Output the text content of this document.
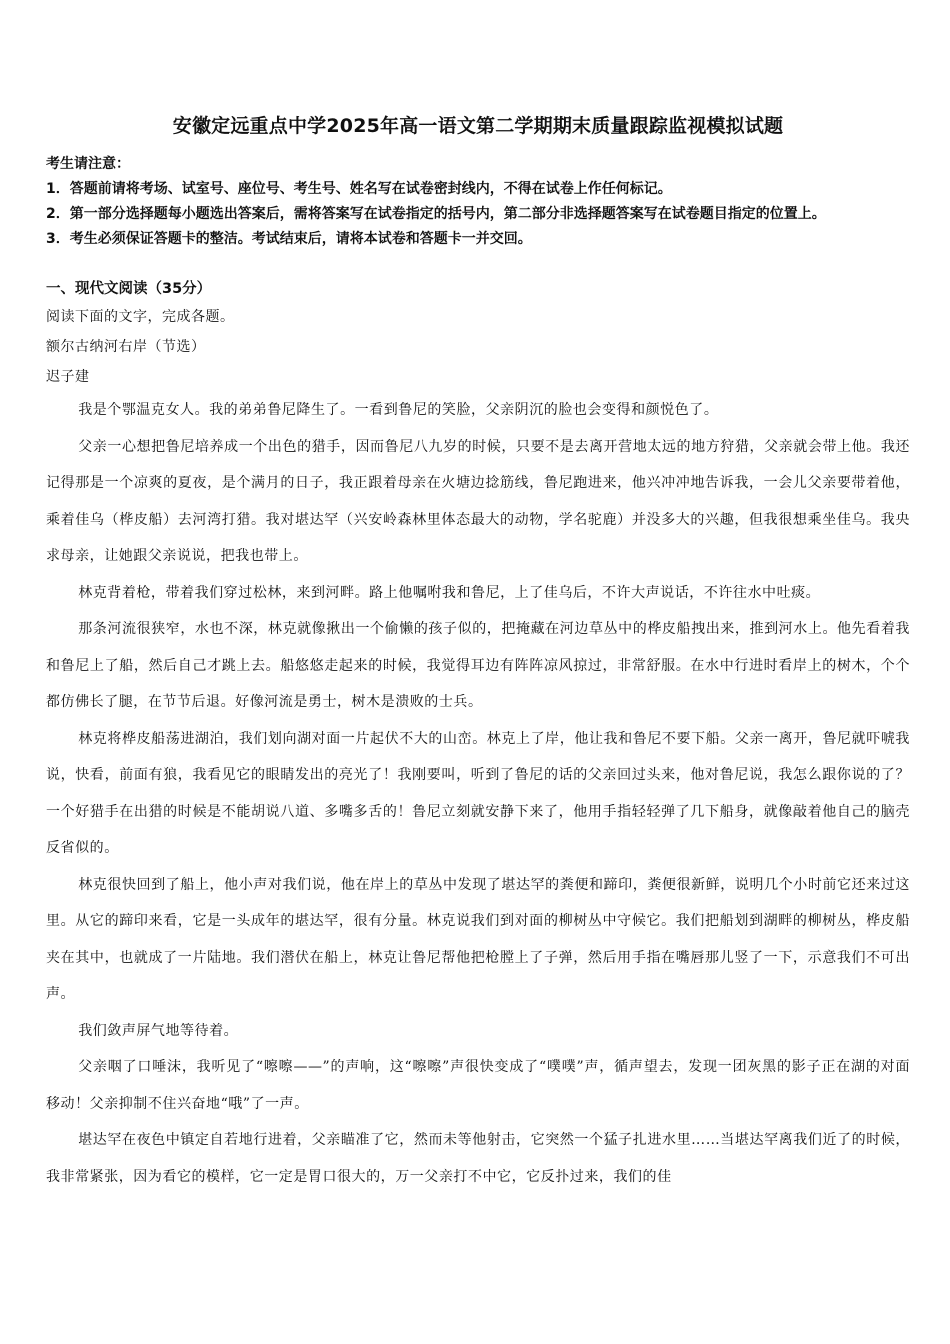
安徽定远重点中学2025年高一语文第二学期期末质量跟踪监视模拟试题

考生请注意：

1．答题前请将考场、试室号、座位号、考生号、姓名写在试卷密封线内，不得在试卷上作任何标记。

2．第一部分选择题每小题选出答案后，需将答案写在试卷指定的括号内，第二部分非选择题答案写在试卷题目指定的位置上。

3．考生必须保证答题卡的整洁。考试结束后，请将本试卷和答题卡一并交回。

一、现代文阅读（35分）

阅读下面的文字，完成各题。

额尔古纳河右岸（节选）

迟子建

我是个鄂温克女人。我的弟弟鲁尼降生了。一看到鲁尼的笑脸，父亲阴沉的脸也会变得和颜悦色了。

父亲一心想把鲁尼培养成一个出色的猎手，因而鲁尼八九岁的时候，只要不是去离开营地太远的地方狩猎，父亲就会带上他。我还记得那是一个凉爽的夏夜，是个满月的日子，我正跟着母亲在火塘边捻筋线，鲁尼跑进来，他兴冲冲地告诉我，一会儿父亲要带着他，乘着佳乌（桦皮船）去河湾打猎。我对堪达罕（兴安岭森林里体态最大的动物，学名驼鹿）并没多大的兴趣，但我很想乘坐佳乌。我央求母亲，让她跟父亲说说，把我也带上。

林克背着枪，带着我们穿过松林，来到河畔。路上他嘱咐我和鲁尼，上了佳乌后，不许大声说话，不许往水中吐痰。

那条河流很狭窄，水也不深，林克就像揪出一个偷懒的孩子似的，把掩藏在河边草丛中的桦皮船拽出来，推到河水上。他先看着我和鲁尼上了船，然后自己才跳上去。船悠悠走起来的时候，我觉得耳边有阵阵凉风掠过，非常舒服。在水中行进时看岸上的树木，个个都仿佛长了腿，在节节后退。好像河流是勇士，树木是溃败的士兵。

林克将桦皮船荡进湖泊，我们划向湖对面一片起伏不大的山峦。林克上了岸，他让我和鲁尼不要下船。父亲一离开，鲁尼就吓唬我说，快看，前面有狼，我看见它的眼睛发出的亮光了！我刚要叫，听到了鲁尼的话的父亲回过头来，他对鲁尼说，我怎么跟你说的了？一个好猎手在出猎的时候是不能胡说八道、多嘴多舌的！鲁尼立刻就安静下来了，他用手指轻轻弹了几下船身，就像敲着他自己的脑壳反省似的。

林克很快回到了船上，他小声对我们说，他在岸上的草丛中发现了堪达罕的粪便和蹄印，粪便很新鲜，说明几个小时前它还来过这里。从它的蹄印来看，它是一头成年的堪达罕，很有分量。林克说我们到对面的柳树丛中守候它。我们把船划到湖畔的柳树丛，桦皮船夹在其中，也就成了一片陆地。我们潜伏在船上，林克让鲁尼帮他把枪膛上了子弹，然后用手指在嘴唇那儿竖了一下，示意我们不可出声。

我们敛声屏气地等待着。

父亲咽了口唾沫，我听见了“嚓嚓——”的声响，这“嚓嚓”声很快变成了“噗噗”声，循声望去，发现一团灰黑的影子正在湖的对面移动！父亲抑制不住兴奋地“哦”了一声。

堪达罕在夜色中镇定自若地行进着，父亲瞄准了它，然而未等他射击，它突然一个猛子扎进水里……当堪达罕离我们近了的时候，我非常紧张，因为看它的模样，它一定是胃口很大的，万一父亲打不中它，它反扑过来，我们的佳
